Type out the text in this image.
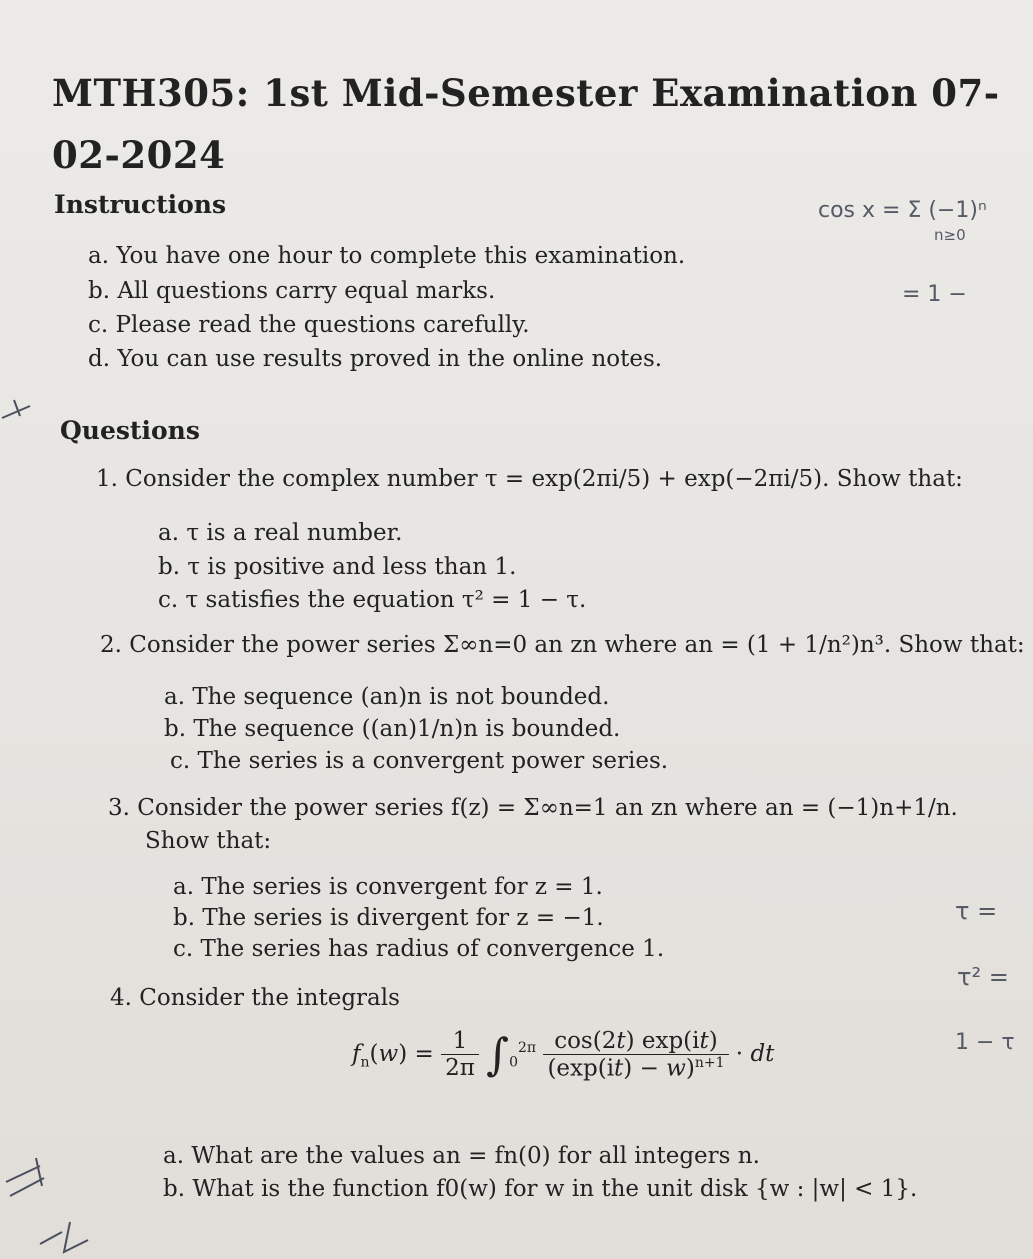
MTH305: 1st Mid-Semester Examination 07-02-2024
Instructions
a. You have one hour to complete this examination.
b. All questions carry equal marks.
c. Please read the questions carefully.
d. You can use results proved in the online notes.
Questions
1. Consider the complex number τ = exp(2πi/5) + exp(−2πi/5). Show that:
a. τ is a real number.
b. τ is positive and less than 1.
c. τ satisfies the equation τ² = 1 − τ.
2. Consider the power series Σ∞n=0 an zn where an = (1 + 1/n²)n³. Show that:
a. The sequence (an)n is not bounded.
b. The sequence ((an)1/n)n is bounded.
c. The series is a convergent power series.
3. Consider the power series f(z) = Σ∞n=1 an zn where an = (−1)n+1/n.
Show that:
a. The series is convergent for z = 1.
b. The series is divergent for z = −1.
c. The series has radius of convergence 1.
4. Consider the integrals
$f_n(w) = \frac{1}{2\pi} \int_0^{2\pi} \frac{\cos(2t) \exp(it)}{(\exp(it) - w)^{n+1}}$ · dt
a. What are the values an = fn(0) for all integers n.
b. What is the function f0(w) for w in the unit disk {w : |w| < 1}.
cos x = Σ (−1)ⁿ
n≥0
= 1 −
τ =
τ² =
1 − τ
